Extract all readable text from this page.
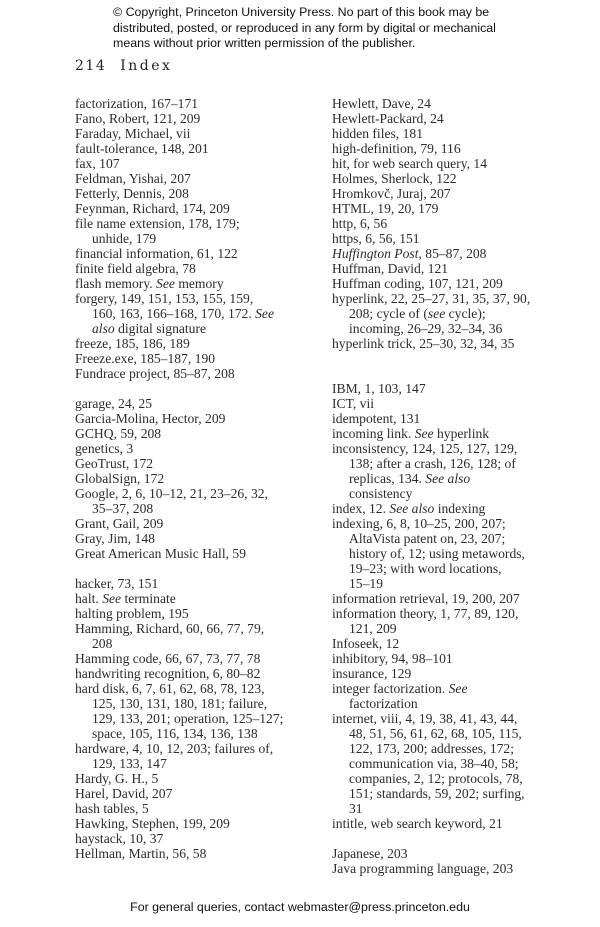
© Copyright, Princeton University Press. No part of this book may be
distributed, posted, or reproduced in any form by digital or mechanical
means without prior written permission of the publisher.
214 Index
factorization, 167–171
Fano, Robert, 121, 209
Faraday, Michael, vii
fault-tolerance, 148, 201
fax, 107
Feldman, Yishai, 207
Fetterly, Dennis, 208
Feynman, Richard, 174, 209
file name extension, 178, 179;
unhide, 179
financial information, 61, 122
finite field algebra, 78
flash memory. See memory
forgery, 149, 151, 153, 155, 159,
160, 163, 166–168, 170, 172. See
also digital signature
freeze, 185, 186, 189
Freeze.exe, 185–187, 190
Fundrace project, 85–87, 208
garage, 24, 25
Garcia-Molina, Hector, 209
GCHQ, 59, 208
genetics, 3
GeoTrust, 172
GlobalSign, 172
Google, 2, 6, 10–12, 21, 23–26, 32,
35–37, 208
Grant, Gail, 209
Gray, Jim, 148
Great American Music Hall, 59
hacker, 73, 151
halt. See terminate
halting problem, 195
Hamming, Richard, 60, 66, 77, 79,
208
Hamming code, 66, 67, 73, 77, 78
handwriting recognition, 6, 80–82
hard disk, 6, 7, 61, 62, 68, 78, 123,
125, 130, 131, 180, 181; failure,
129, 133, 201; operation, 125–127;
space, 105, 116, 134, 136, 138
hardware, 4, 10, 12, 203; failures of,
129, 133, 147
Hardy, G. H., 5
Harel, David, 207
hash tables, 5
Hawking, Stephen, 199, 209
haystack, 10, 37
Hellman, Martin, 56, 58
Hewlett, Dave, 24
Hewlett-Packard, 24
hidden files, 181
high-definition, 79, 116
hit, for web search query, 14
Holmes, Sherlock, 122
Hromkovč, Juraj, 207
HTML, 19, 20, 179
http, 6, 56
https, 6, 56, 151
Huffington Post, 85–87, 208
Huffman, David, 121
Huffman coding, 107, 121, 209
hyperlink, 22, 25–27, 31, 35, 37, 90,
208; cycle of (see cycle);
incoming, 26–29, 32–34, 36
hyperlink trick, 25–30, 32, 34, 35
IBM, 1, 103, 147
ICT, vii
idempotent, 131
incoming link. See hyperlink
inconsistency, 124, 125, 127, 129,
138; after a crash, 126, 128; of
replicas, 134. See also
consistency
index, 12. See also indexing
indexing, 6, 8, 10–25, 200, 207;
AltaVista patent on, 23, 207;
history of, 12; using metawords,
19–23; with word locations,
15–19
information retrieval, 19, 200, 207
information theory, 1, 77, 89, 120,
121, 209
Infoseek, 12
inhibitory, 94, 98–101
insurance, 129
integer factorization. See
factorization
internet, viii, 4, 19, 38, 41, 43, 44,
48, 51, 56, 61, 62, 68, 105, 115,
122, 173, 200; addresses, 172;
communication via, 38–40, 58;
companies, 2, 12; protocols, 78,
151; standards, 59, 202; surfing,
31
intitle, web search keyword, 21
Japanese, 203
Java programming language, 203
For general queries, contact webmaster@press.princeton.edu
